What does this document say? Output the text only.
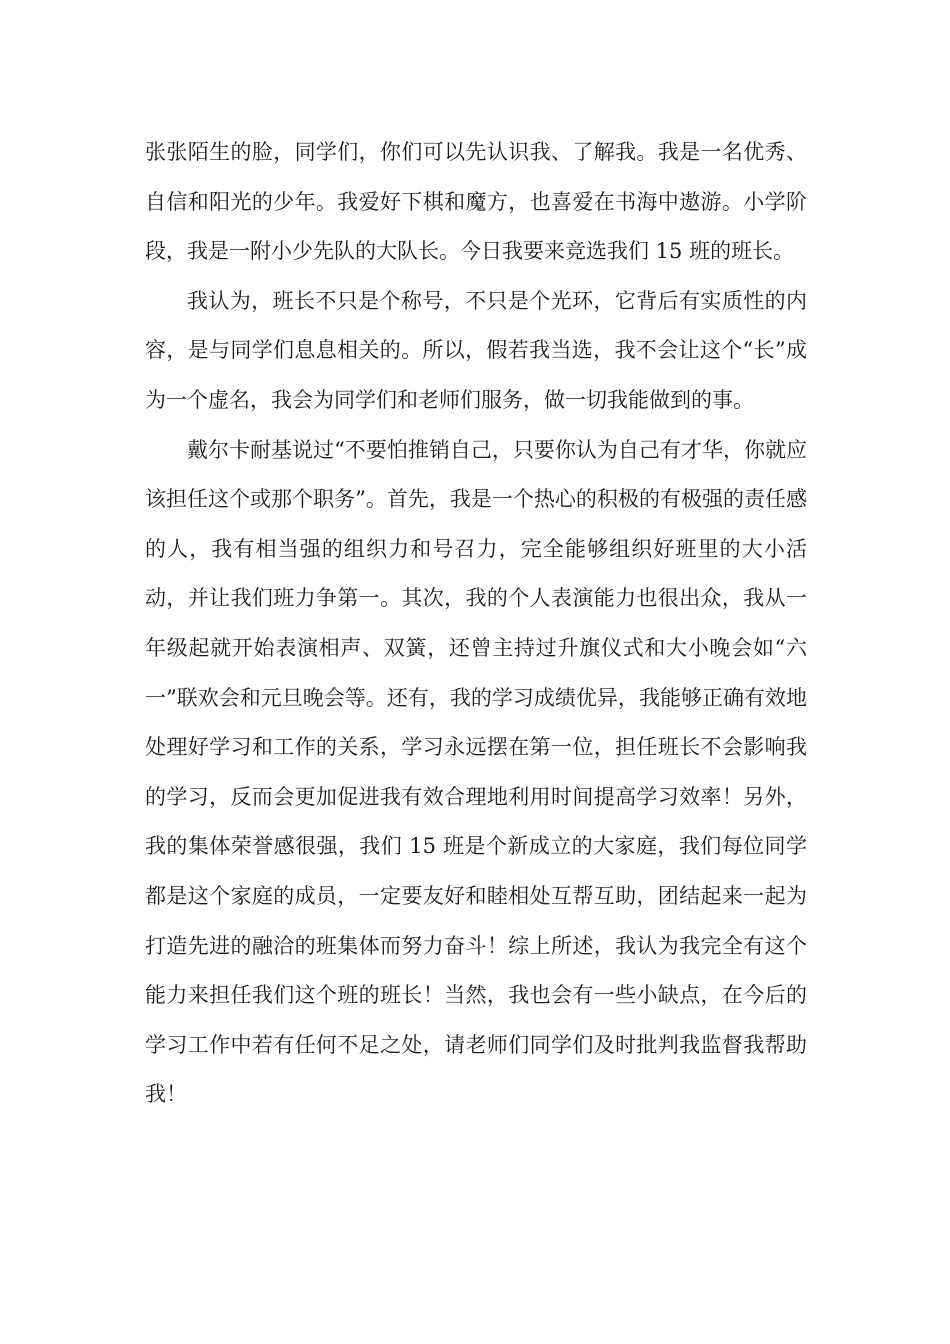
张张陌生的脸，同学们，你们可以先认识我、了解我。我是一名优秀、自信和阳光的少年。我爱好下棋和魔方，也喜爱在书海中遨游。小学阶段，我是一附小少先队的大队长。今日我要来竞选我们 15 班的班长。

我认为，班长不只是个称号，不只是个光环，它背后有实质性的内容，是与同学们息息相关的。所以，假若我当选，我不会让这个“长”成为一个虚名，我会为同学们和老师们服务，做一切我能做到的事。

戴尔卡耐基说过“不要怕推销自己，只要你认为自己有才华，你就应该担任这个或那个职务”。首先，我是一个热心的积极的有极强的责任感的人，我有相当强的组织力和号召力，完全能够组织好班里的大小活动，并让我们班力争第一。其次，我的个人表演能力也很出众，我从一年级起就开始表演相声、双簧，还曾主持过升旗仪式和大小晚会如“六一”联欢会和元旦晚会等。还有，我的学习成绩优异，我能够正确有效地处理好学习和工作的关系，学习永远摆在第一位，担任班长不会影响我的学习，反而会更加促进我有效合理地利用时间提高学习效率！另外，我的集体荣誉感很强，我们 15 班是个新成立的大家庭，我们每位同学都是这个家庭的成员，一定要友好和睦相处互帮互助，团结起来一起为打造先进的融洽的班集体而努力奋斗！综上所述，我认为我完全有这个能力来担任我们这个班的班长！当然，我也会有一些小缺点，在今后的学习工作中若有任何不足之处，请老师们同学们及时批判我监督我帮助我！
